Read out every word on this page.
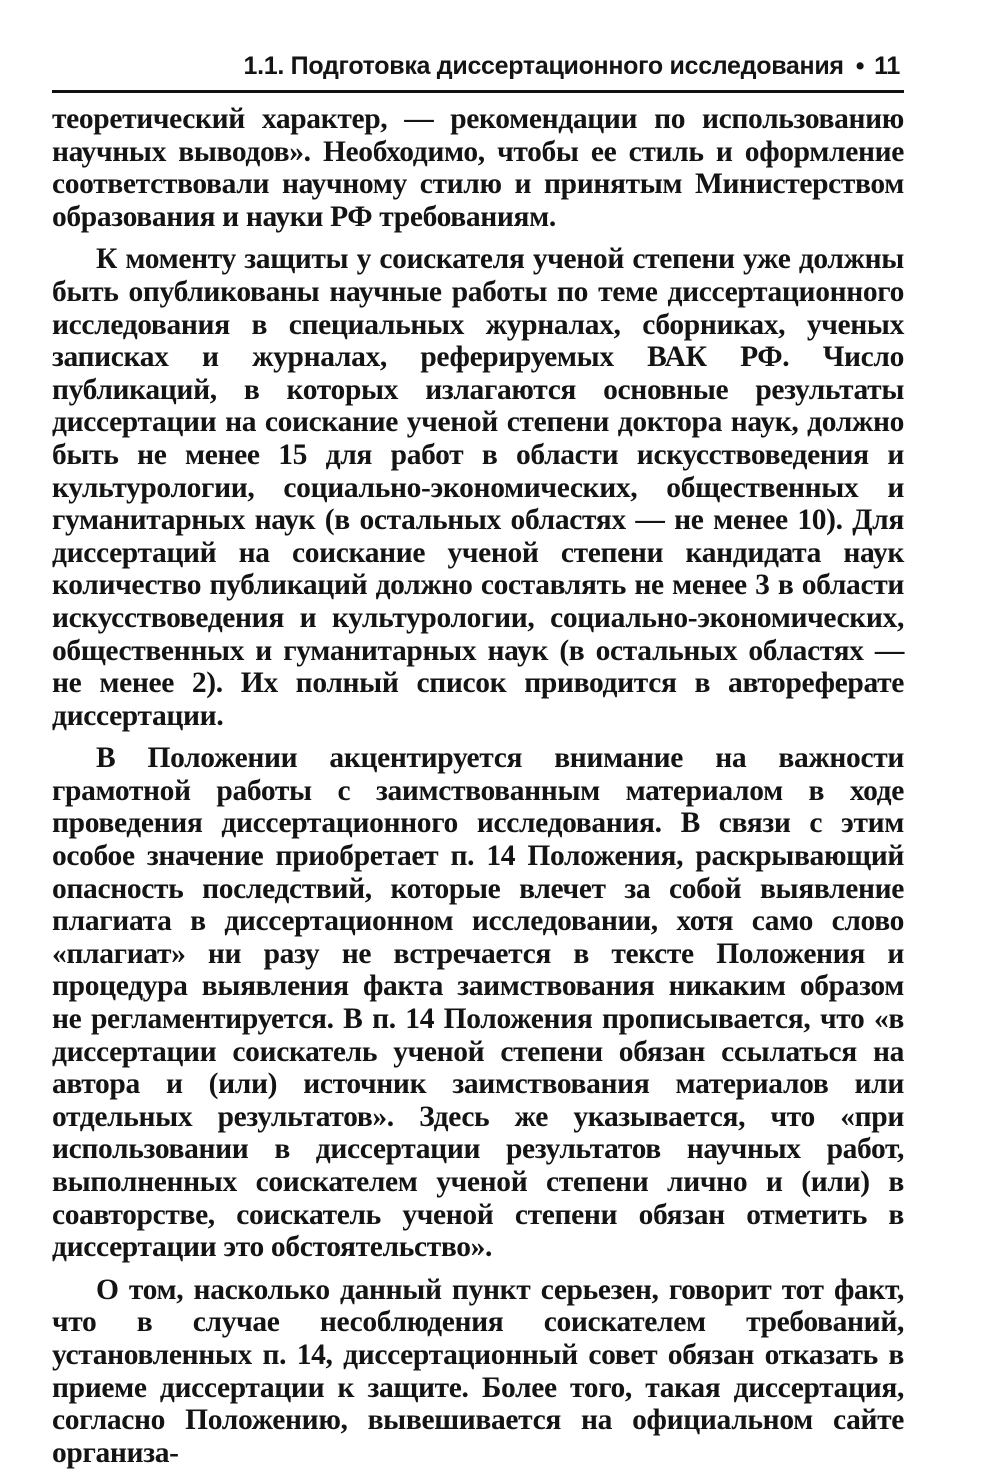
1.1. Подготовка диссертационного исследования • 11

теоретический характер, — рекомендации по использованию научных выводов». Необходимо, чтобы ее стиль и оформление соответствовали научному стилю и принятым Министерством образования и науки РФ требованиям.

К моменту защиты у соискателя ученой степени уже должны быть опубликованы научные работы по теме диссертационного исследования в специальных журналах, сборниках, ученых записках и журналах, реферируемых ВАК РФ. Число публикаций, в которых излагаются основные результаты диссертации на соискание ученой степени доктора наук, должно быть не менее 15 для работ в области искусствоведения и культурологии, социально-экономических, общественных и гуманитарных наук (в остальных областях — не менее 10). Для диссертаций на соискание ученой степени кандидата наук количество публикаций должно составлять не менее 3 в области искусствоведения и культурологии, социально-экономических, общественных и гуманитарных наук (в остальных областях — не менее 2). Их полный список приводится в автореферате диссертации.

В Положении акцентируется внимание на важности грамотной работы с заимствованным материалом в ходе проведения диссертационного исследования. В связи с этим особое значение приобретает п. 14 Положения, раскрывающий опасность последствий, которые влечет за собой выявление плагиата в диссертационном исследовании, хотя само слово «плагиат» ни разу не встречается в тексте Положения и процедура выявления факта заимствования никаким образом не регламентируется. В п. 14 Положения прописывается, что «в диссертации соискатель ученой степени обязан ссылаться на автора и (или) источник заимствования материалов или отдельных результатов». Здесь же указывается, что «при использовании в диссертации результатов научных работ, выполненных соискателем ученой степени лично и (или) в соавторстве, соискатель ученой степени обязан отметить в диссертации это обстоятельство».

О том, насколько данный пункт серьезен, говорит тот факт, что в случае несоблюдения соискателем требований, установленных п. 14, диссертационный совет обязан отказать в приеме диссертации к защите. Более того, такая диссертация, согласно Положению, вывешивается на официальном сайте организа-
